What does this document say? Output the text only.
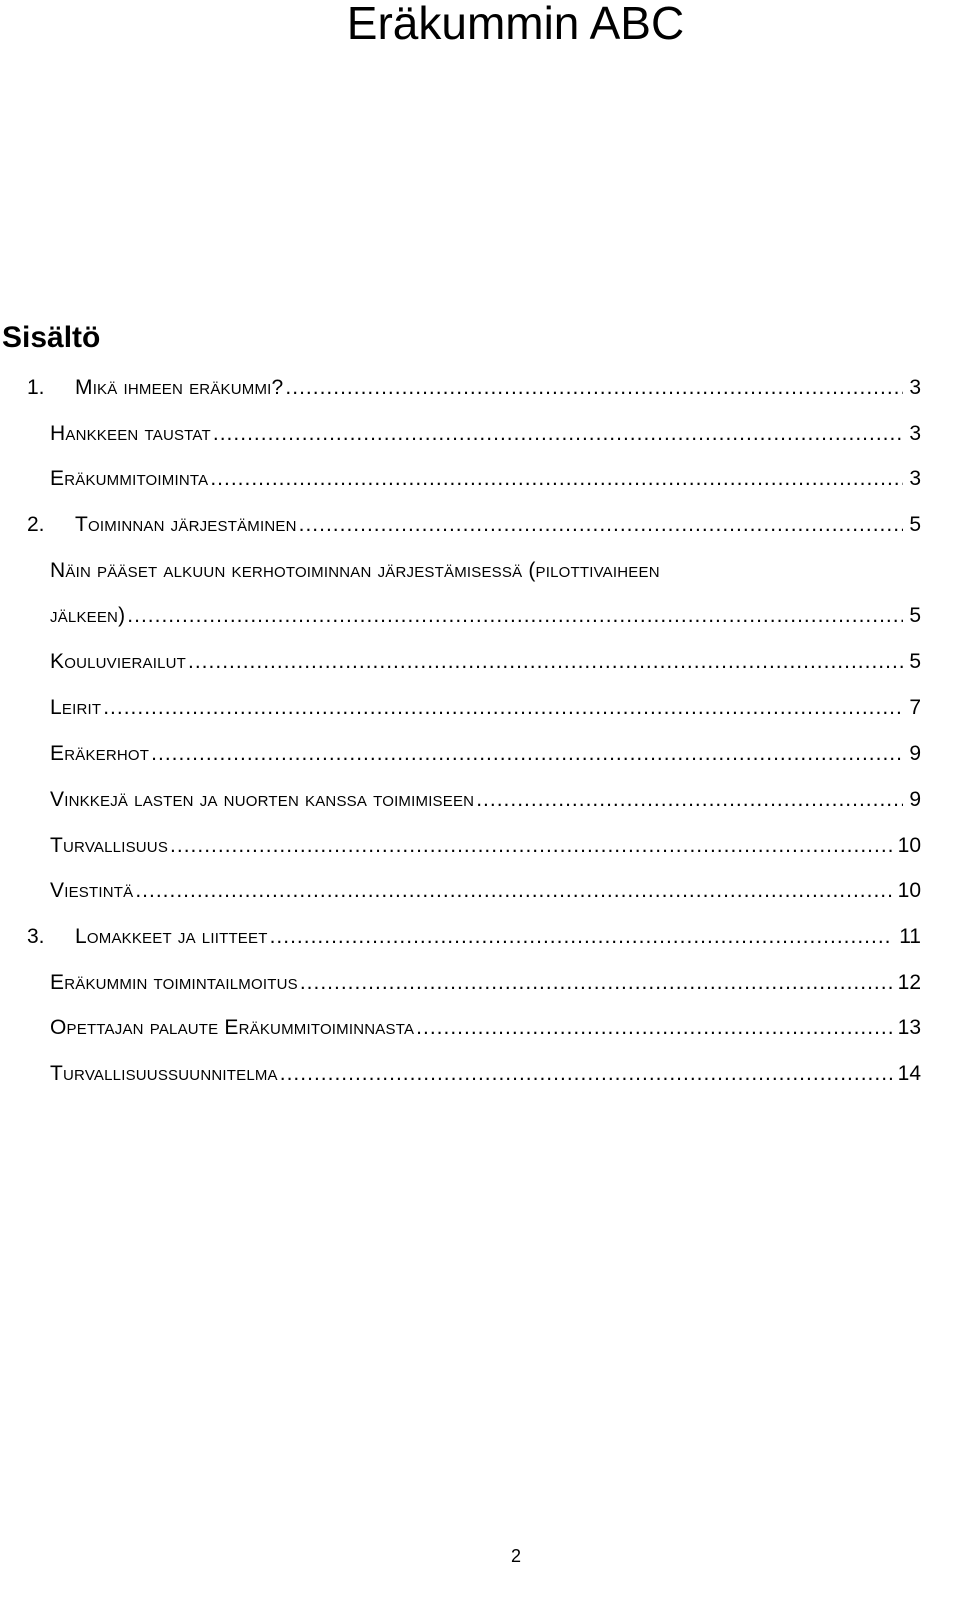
Eräkummin ABC
Sisältö
1. Mikä ihmeen eräkummi? .....	3
Hankkeen taustat .....	3
Eräkummitoiminta .....	3
2. Toiminnan järjestäminen .....	5
Näin pääset alkuun kerhotoiminnan järjestämisessä (pilottivaiheen
jälkeen) .....	5
Kouluvierailut .....	5
Leirit .....	7
Eräkerhot .....	9
Vinkkejä lasten ja nuorten kanssa toimimiseen .....	9
Turvallisuus .....	10
Viestintä .....	10
3. Lomakkeet ja liitteet .....	11
Eräkummin toimintailmoitus .....	12
Opettajan palaute Eräkummitoiminnasta .....	13
Turvallisuussuunnitelma .....	14
2
